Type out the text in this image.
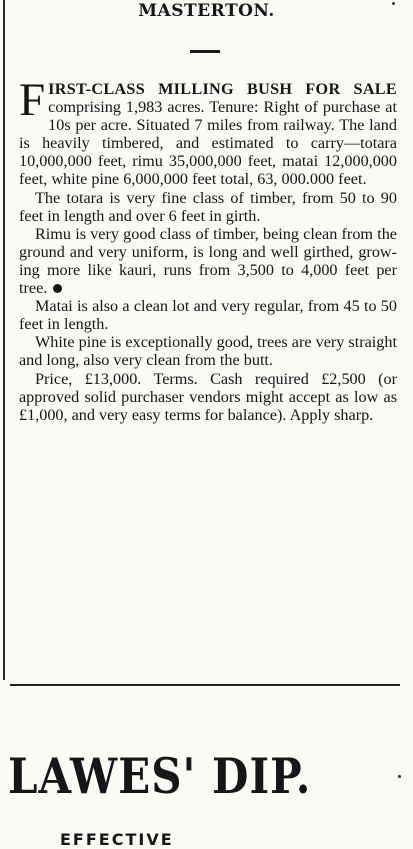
MASTERTON.

FIRST-CLASS MILLING BUSH FOR SALE comprising 1,983 acres. Tenure: Right of purchase at 10s per acre. Situated 7 miles from railway. The land is heavily timbered, and estimated to carry—totara 10,000,000 feet, rimu 35,000,000 feet, matai 12,000,000 feet, white pine 6,000,000 feet total, 63, 000.000 feet.

The totara is very fine class of timber, from 50 to 90 feet in length and over 6 feet in girth.

Rimu is very good class of timber, being clean from the ground and very uniform, is long and well girthed, growing more like kauri, runs from 3,500 to 4,000 feet per tree.

Matai is also a clean lot and very regular, from 45 to 50 feet in length.

White pine is exceptionally good, trees are very straight and long, also very clean from the butt.

Price, £13,000. Terms. Cash required £2,500 (or approved solid purchaser vendors might accept as low as £1,000, and very easy terms for balance). Apply sharp.

LAWES' DIP.
EFFECTIVE
